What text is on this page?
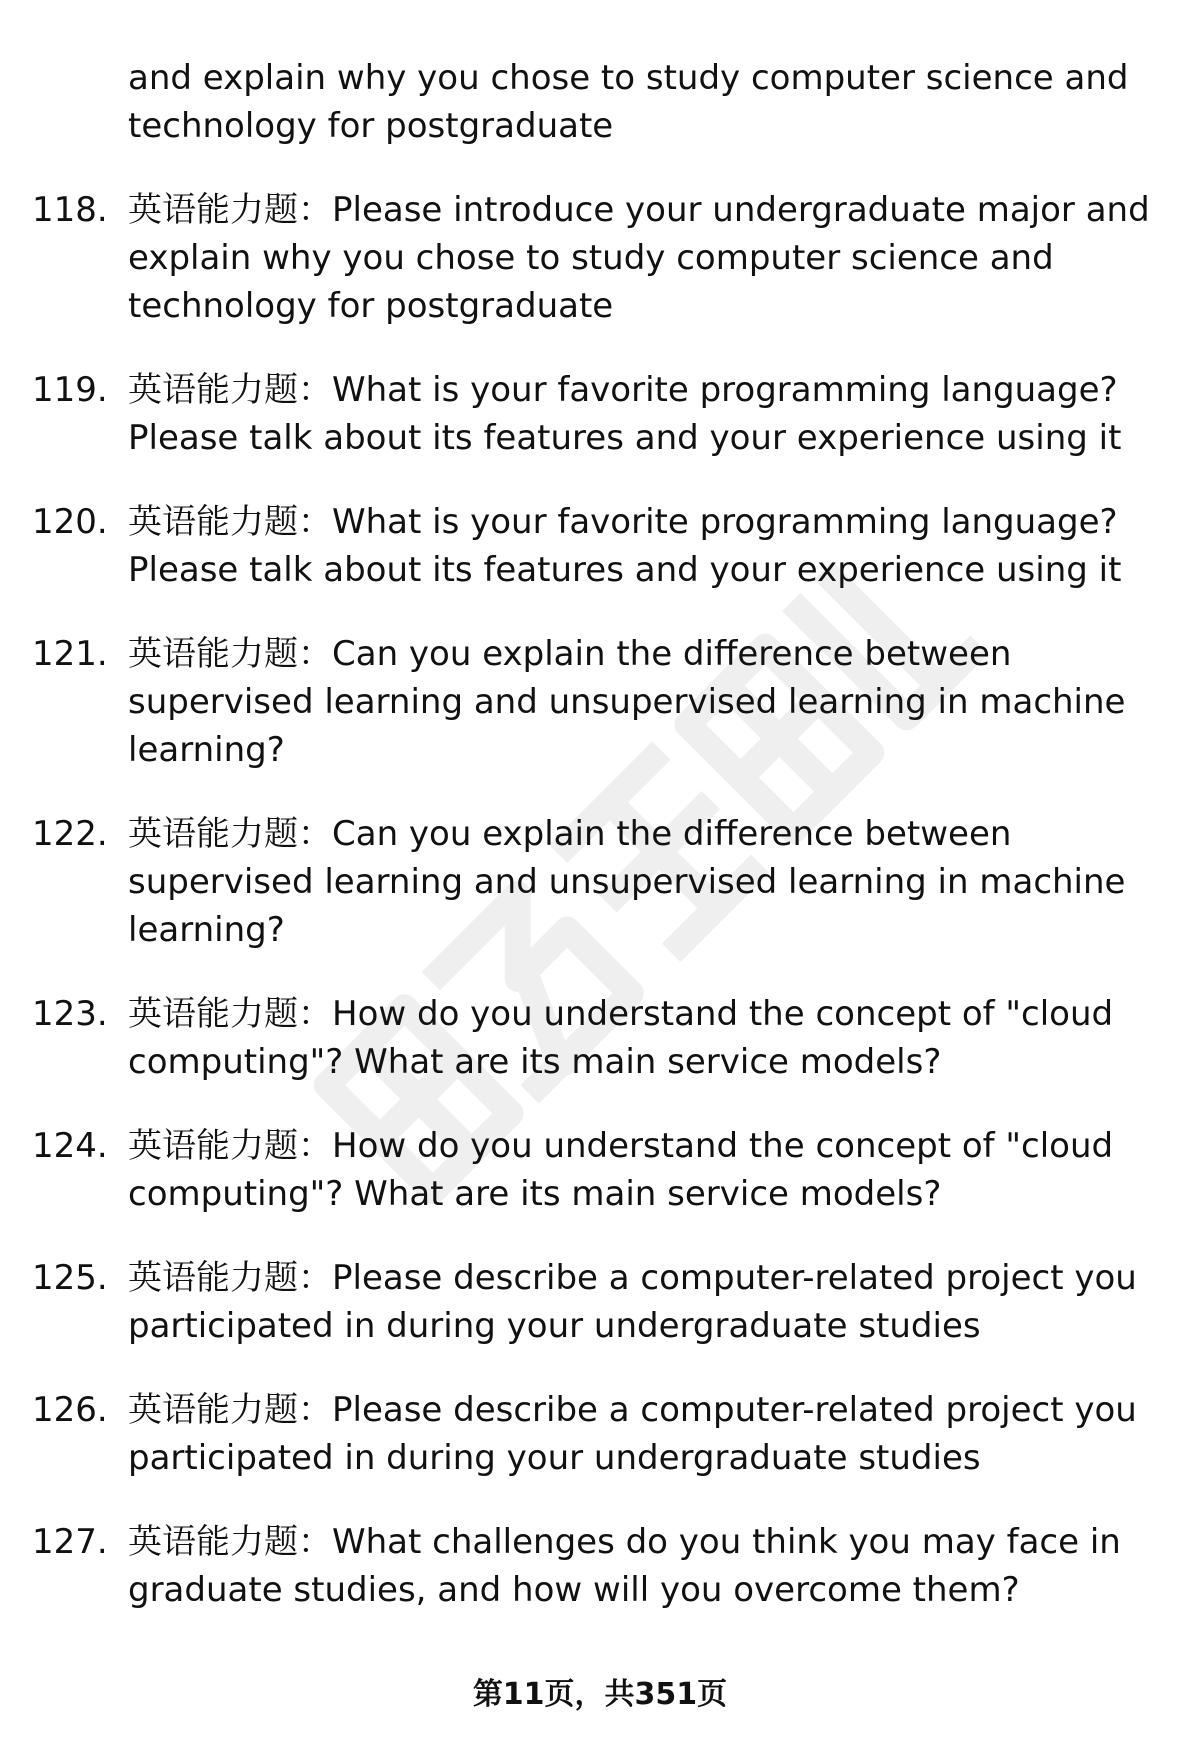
and explain why you chose to study computer science and technology for postgraduate
118. 英语能力题：Please introduce your undergraduate major and explain why you chose to study computer science and technology for postgraduate
119. 英语能力题：What is your favorite programming language? Please talk about its features and your experience using it
120. 英语能力题：What is your favorite programming language? Please talk about its features and your experience using it
121. 英语能力题：Can you explain the difference between supervised learning and unsupervised learning in machine learning?
122. 英语能力题：Can you explain the difference between supervised learning and unsupervised learning in machine learning?
123. 英语能力题：How do you understand the concept of "cloud computing"? What are its main service models?
124. 英语能力题：How do you understand the concept of "cloud computing"? What are its main service models?
125. 英语能力题：Please describe a computer-related project you participated in during your undergraduate studies
126. 英语能力题：Please describe a computer-related project you participated in during your undergraduate studies
127. 英语能力题：What challenges do you think you may face in graduate studies, and how will you overcome them?
第11页，共351页
